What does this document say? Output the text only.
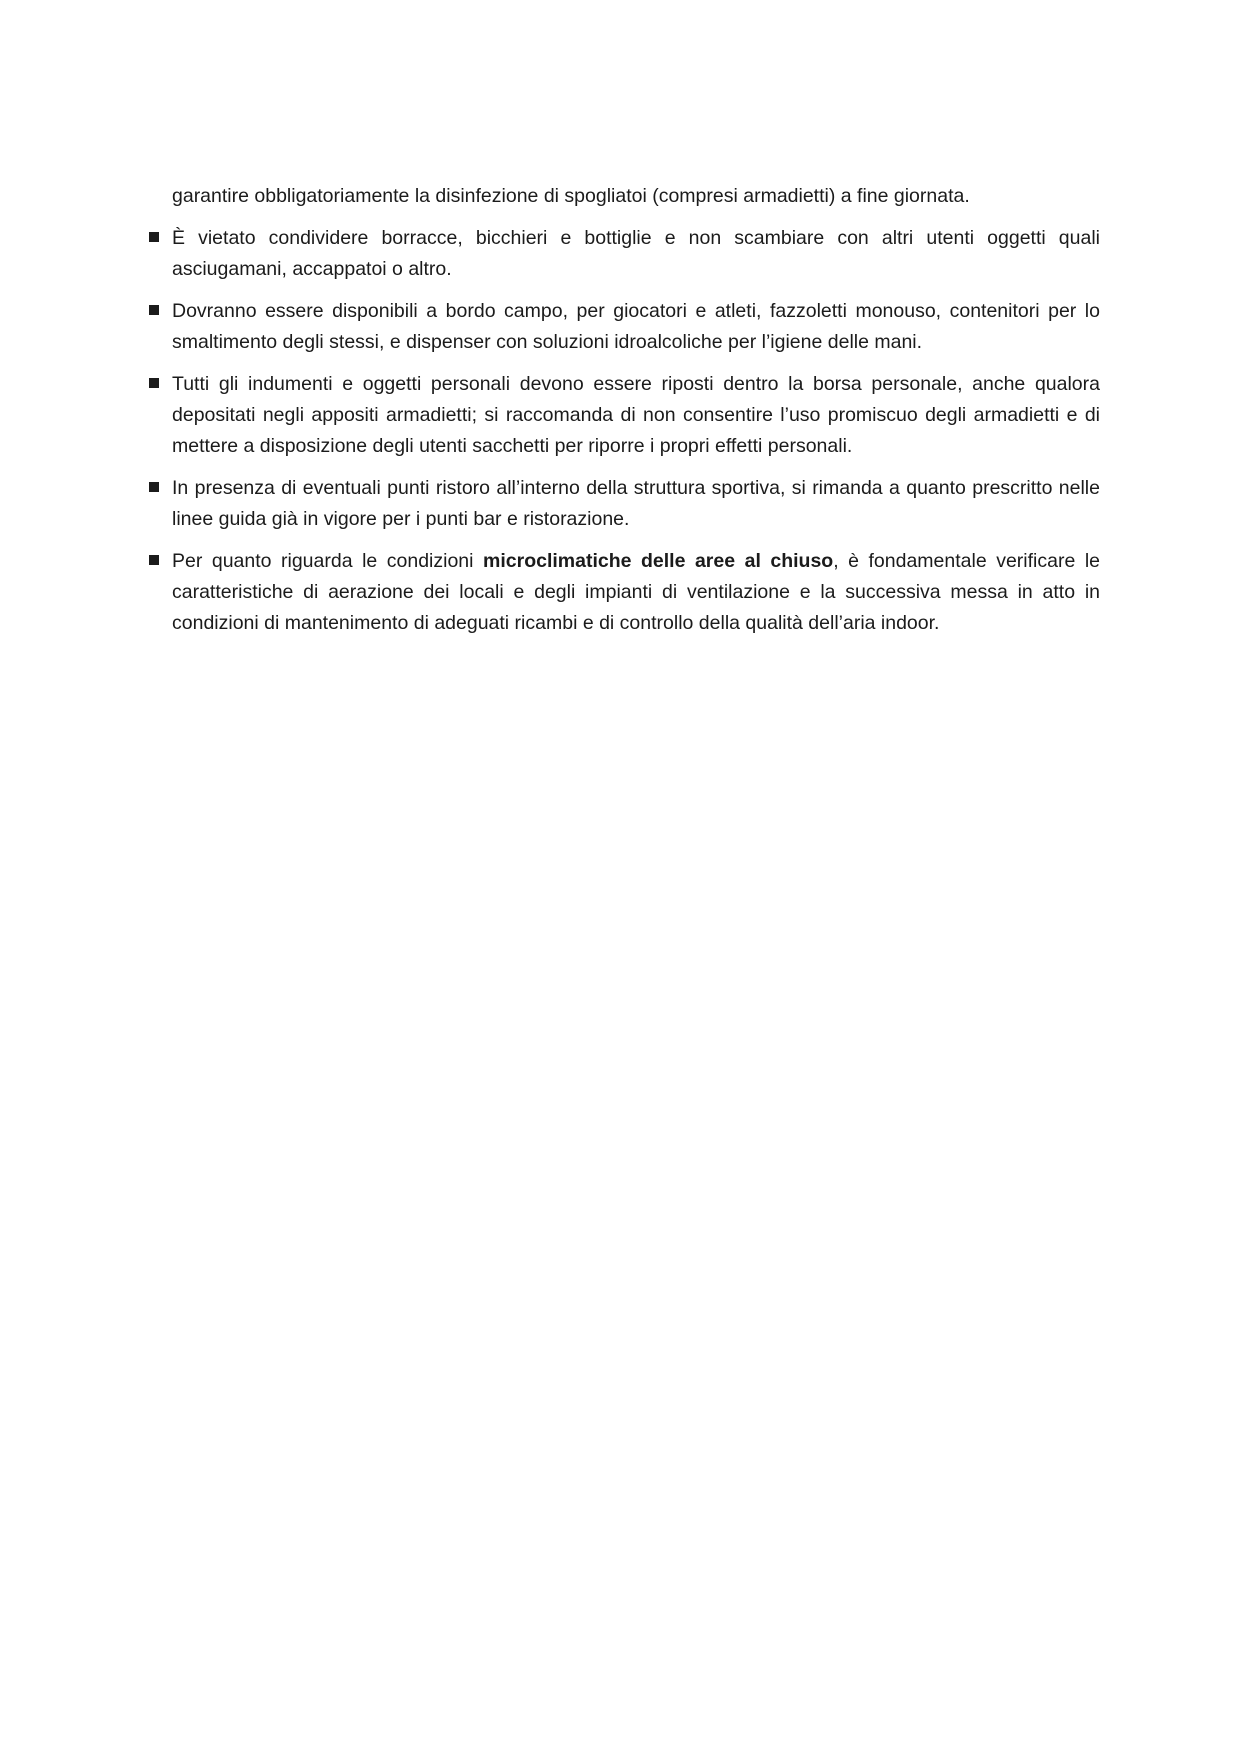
garantire obbligatoriamente la disinfezione di spogliatoi (compresi armadietti) a fine giornata.

È vietato condividere borracce, bicchieri e bottiglie e non scambiare con altri utenti oggetti quali asciugamani, accappatoi o altro.

Dovranno essere disponibili a bordo campo, per giocatori e atleti, fazzoletti monouso, contenitori per lo smaltimento degli stessi, e dispenser con soluzioni idroalcoliche per l’igiene delle mani.

Tutti gli indumenti e oggetti personali devono essere riposti dentro la borsa personale, anche qualora depositati negli appositi armadietti; si raccomanda di non consentire l’uso promiscuo degli armadietti e di mettere a disposizione degli utenti sacchetti per riporre i propri effetti personali.

In presenza di eventuali punti ristoro all’interno della struttura sportiva, si rimanda a quanto prescritto nelle linee guida già in vigore per i punti bar e ristorazione.

Per quanto riguarda le condizioni microclimatiche delle aree al chiuso, è fondamentale verificare le caratteristiche di aerazione dei locali e degli impianti di ventilazione e la successiva messa in atto in condizioni di mantenimento di adeguati ricambi e di controllo della qualità dell’aria indoor.
